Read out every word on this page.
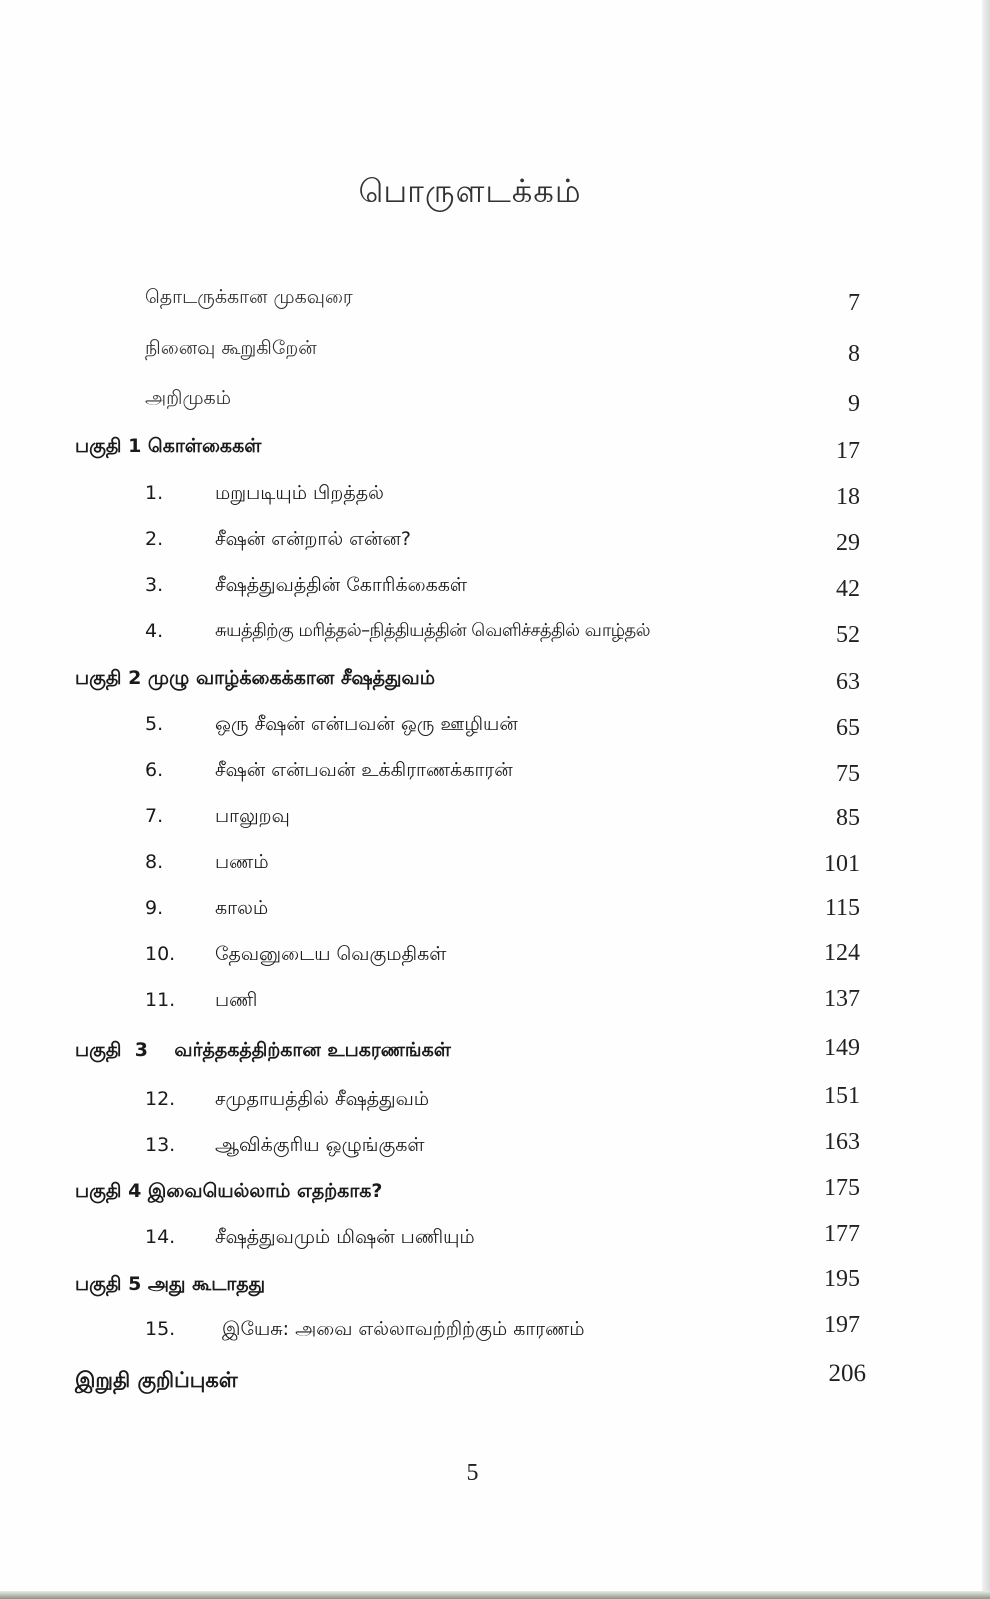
பொருளடக்கம்
தொடருக்கான முகவுரை	7
நினைவு கூறுகிறேன்	8
அறிமுகம்	9
பகுதி 1 கொள்கைகள்	17
1.	மறுபடியும் பிறத்தல்	18
2.	சீஷன் என்றால் என்ன?	29
3.	சீஷத்துவத்தின் கோரிக்கைகள்	42
4.	சுயத்திற்கு மரித்தல்–நித்தியத்தின் வெளிச்சத்தில் வாழ்தல்	52
பகுதி 2 முழு வாழ்க்கைக்கான சீஷத்துவம்	63
5.	ஒரு சீஷன் என்பவன் ஒரு ஊழியன்	65
6.	சீஷன் என்பவன் உக்கிராணக்காரன்	75
7.	பாலுறவு	85
8.	பணம்	101
9.	காலம்	115
10. தேவனுடைய வெகுமதிகள்	124
11. பணி	137
பகுதி  3    வர்த்தகத்திற்கான உபகரணங்கள்	149
12. சமுதாயத்தில் சீஷத்துவம்	151
13. ஆவிக்குரிய ஒழுங்குகள்	163
பகுதி 4 இவையெல்லாம் எதற்காக?	175
14. சீஷத்துவமும் மிஷன் பணியும்	177
பகுதி 5 அது கூடாதது	195
15. இயேசு: அவை எல்லாவற்றிற்கும் காரணம்	197
இறுதி குறிப்புகள்	206
5
